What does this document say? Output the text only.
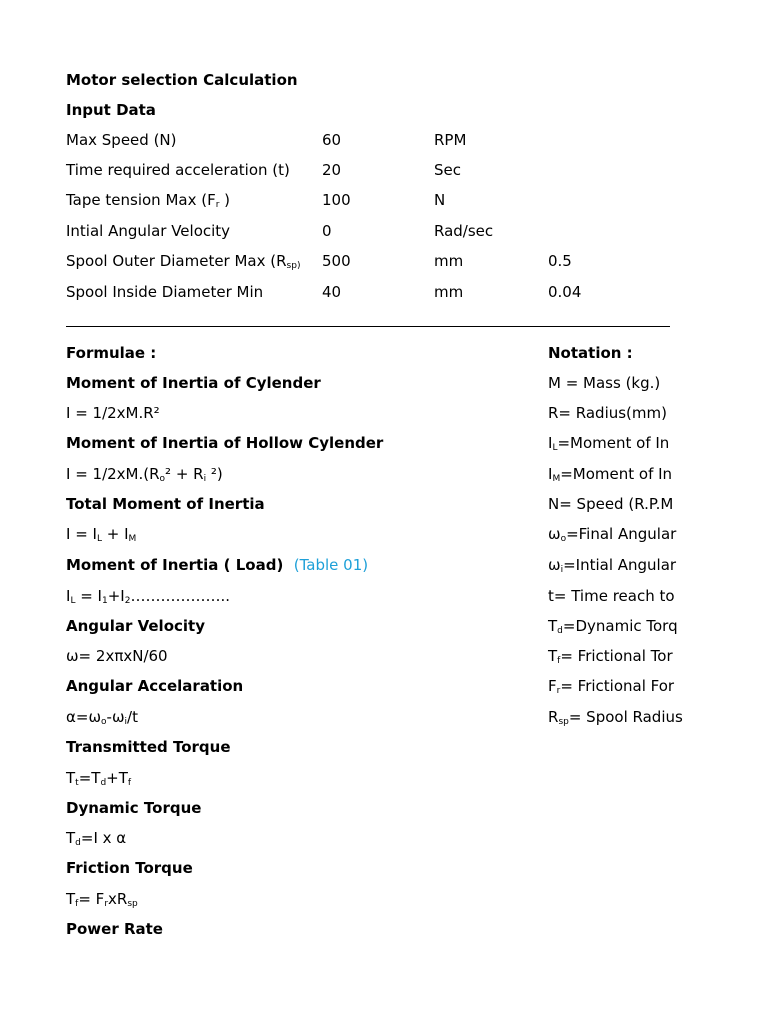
Motor selection Calculation
Input Data
Max Speed (N)	60	RPM
Time required acceleration (t) 20	Sec
Tape tension Max ($F_r$ )	100	N
Intial Angular Velocity	0	Rad/sec
Spool Outer Diameter Max ($R_{sp)}$ 500	mm	0.5
Spool Inside Diameter Min	40	mm	0.04
Formulae :
Moment of Inertia of Cylender
I = 1/2xM.R²
Moment of Inertia of Hollow Cylender
$I = 1/2xM.(R_o^2 + R_i$ ²)
Total Moment of Inertia
$I = I_L + I_M$
Moment of Inertia ( Load) (Table 01)
$I_L$ = $I_1+I_2\dots\dots\dots\dots\dots\dots$..
Angular Velocity
ω= 2xπxN/60
Angular Accelaration
$\alpha=\omega_o-\omega_i/t$
Transmitted Torque
$T_t=T_d+T_f$
Dynamic Torque
$T_d=I$ x α
Friction Torque
$T_f= F_rxR_{sp}$
Power Rate
Notation :
M = Mass (kg.)
R= Radius(mm)
$I_L=Moment$ of In
$I_M=Moment$ of In
N= Speed (R.P.M
$\omega_o=Final$ Angular
$\omega_i=Intial$ Angular
t= Time reach to
$T_d=Dynamic$ Torq
$T_f=$ Frictional Tor
$F_r=$ Frictional For
$R_{sp}=$ Spool Radius
